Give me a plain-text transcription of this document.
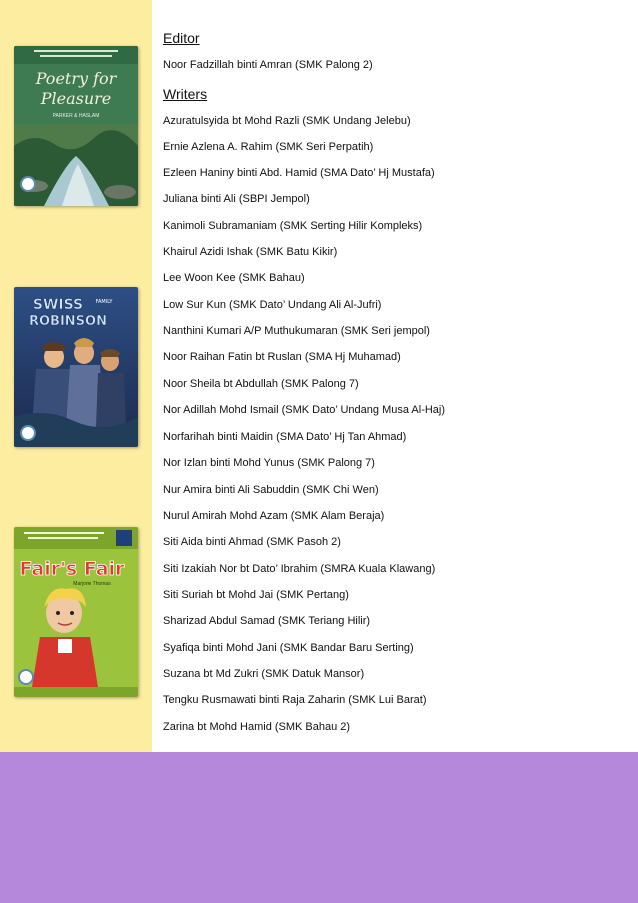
Poetry for
Pleasure
PARKER & HASLAM
SWISS FAMILY
ROBINSON
Fair's Fair
Marjorie Thomas
Editor

Noor Fadzillah binti Amran (SMK Palong 2)

Writers

Azuratulsyida bt Mohd Razli (SMK Undang Jelebu)

Ernie Azlena A. Rahim (SMK Seri Perpatih)

Ezleen Haniny binti Abd. Hamid (SMA Dato’ Hj Mustafa)

Juliana binti Ali (SBPI Jempol)

Kanimoli Subramaniam (SMK Serting Hilir Kompleks)

Khairul Azidi Ishak (SMK Batu Kikir)

Lee Woon Kee (SMK Bahau)

Low Sur Kun (SMK Dato’ Undang Ali Al-Jufri)

Nanthini Kumari A/P Muthukumaran (SMK Seri jempol)

Noor Raihan Fatin bt Ruslan (SMA Hj Muhamad)

Noor Sheila bt Abdullah (SMK Palong 7)

Nor Adillah Mohd Ismail (SMK Dato’ Undang Musa Al-Haj)

Norfarihah binti Maidin (SMA Dato’ Hj Tan Ahmad)

Nor Izlan binti Mohd Yunus (SMK Palong 7)

Nur Amira binti Ali Sabuddin (SMK Chi Wen)

Nurul Amirah Mohd Azam (SMK Alam Beraja)

Siti Aida binti Ahmad (SMK Pasoh 2)

Siti Izakiah Nor bt Dato’ Ibrahim (SMRA Kuala Klawang)

Siti Suriah bt Mohd Jai (SMK Pertang)

Sharizad Abdul Samad (SMK Teriang Hilir)

Syafiqa binti Mohd Jani (SMK Bandar Baru Serting)

Suzana bt Md Zukri (SMK Datuk Mansor)

Tengku Rusmawati binti Raja Zaharin (SMK Lui Barat)

Zarina bt Mohd Hamid (SMK Bahau 2)
